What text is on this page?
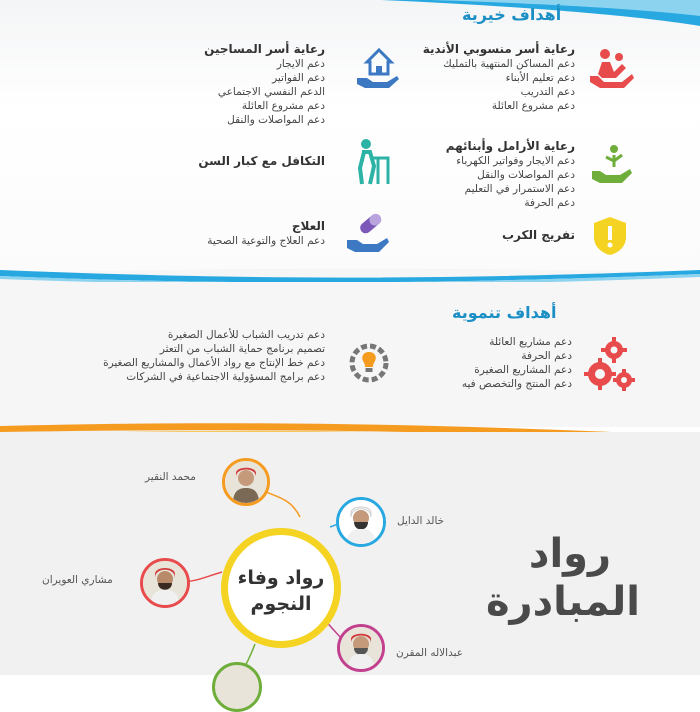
أهداف خيرية
رعاية أسر منسوبي الأندية
دعم المساكن المنتهية بالتمليك
دعم تعليم الأبناء
دعم التدريب
دعم مشروع العائلة
رعاية أسر المساجين
دعم الايجار
دعم الفواتير
الدعم النفسي الاجتماعي
دعم مشروع العائلة
دعم المواصلات والنقل
رعاية الأرامل وأبنائهم
دعم الايجار وفواتير الكهرباء
دعم المواصلات والنقل
دعم الاستمرار في التعليم
دعم الحرفة
التكافل مع كبار السن
تفريج الكرب
العلاج
دعم العلاج والتوعية الصحية
أهداف تنموية
دعم مشاريع العائلة
دعم الحرفة
دعم المشاريع الصغيرة
دعم المنتج والتخصص فيه
دعم تدريب الشباب للأعمال الصغيرة
تصميم برنامج حماية الشباب من التعثر
دعم خط الإنتاج مع رواد الأعمال والمشاريع الصغيرة
دعم برامج المسؤولية الاجتماعية في الشركات
رواد وفاء
النجوم
محمد النقير
خالد الدايل
مشاري العويران
عبدالاله المقرن
رواد
المبادرة
